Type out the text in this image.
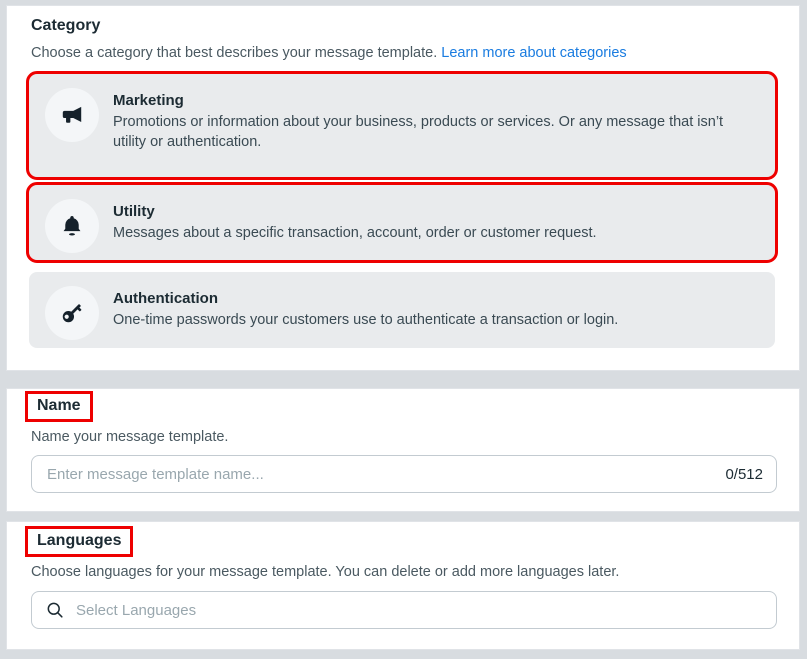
Category
Choose a category that best describes your message template. Learn more about categories
Marketing
Promotions or information about your business, products or services. Or any message that isn’t utility or authentication.
Utility
Messages about a specific transaction, account, order or customer request.
Authentication
One-time passwords your customers use to authenticate a transaction or login.
Name
Name your message template.
Enter message template name...
0/512
Languages
Choose languages for your message template. You can delete or add more languages later.
Select Languages
